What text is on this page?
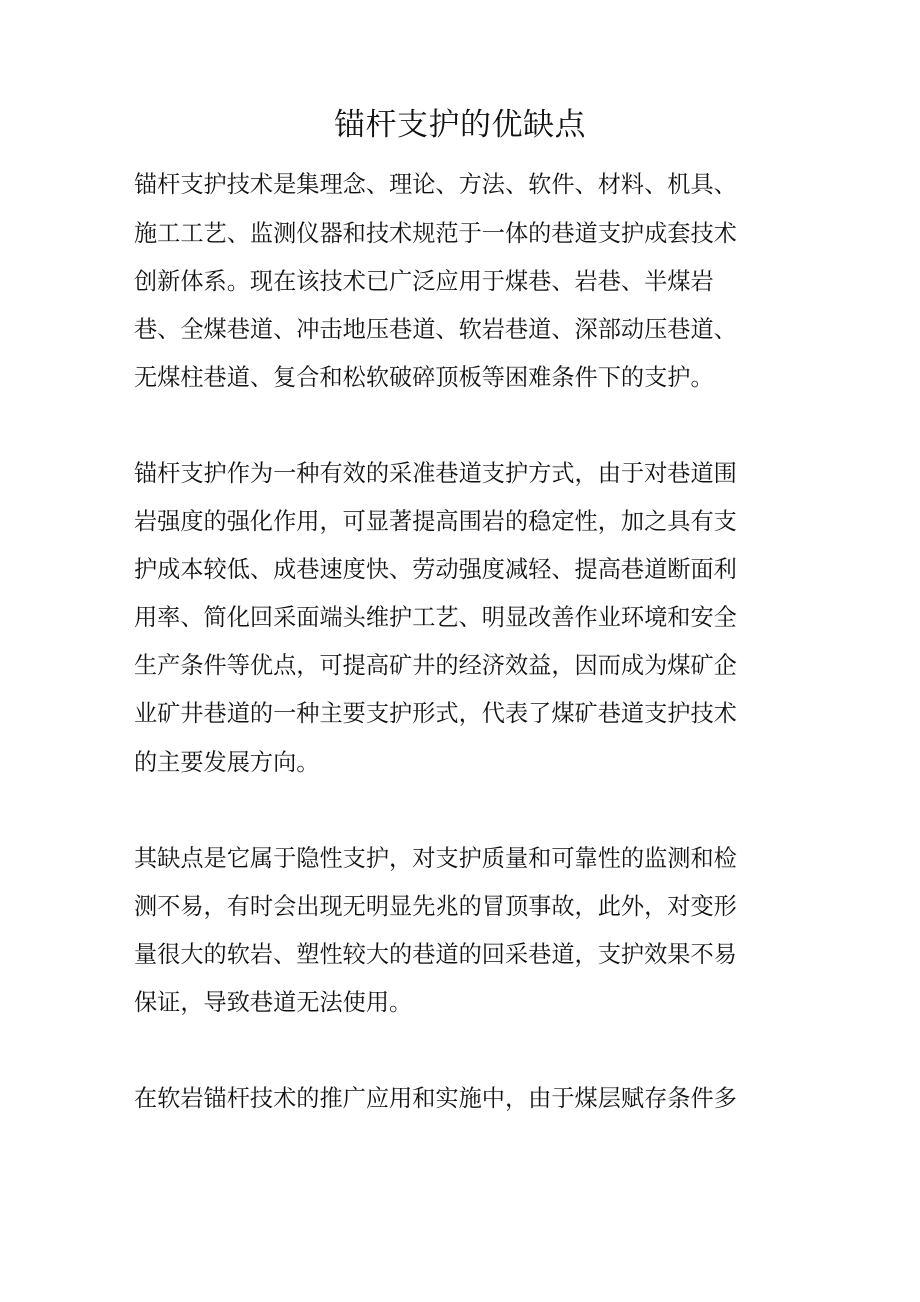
锚杆支护的优缺点

锚杆支护技术是集理念、理论、方法、软件、材料、机具、

施工工艺、监测仪器和技术规范于一体的巷道支护成套技术

创新体系。现在该技术已广泛应用于煤巷、岩巷、半煤岩

巷、全煤巷道、冲击地压巷道、软岩巷道、深部动压巷道、

无煤柱巷道、复合和松软破碎顶板等困难条件下的支护。

锚杆支护作为一种有效的采准巷道支护方式，由于对巷道围

岩强度的强化作用，可显著提高围岩的稳定性，加之具有支

护成本较低、成巷速度快、劳动强度减轻、提高巷道断面利

用率、简化回采面端头维护工艺、明显改善作业环境和安全

生产条件等优点，可提高矿井的经济效益，因而成为煤矿企

业矿井巷道的一种主要支护形式，代表了煤矿巷道支护技术

的主要发展方向。

其缺点是它属于隐性支护，对支护质量和可靠性的监测和检

测不易，有时会出现无明显先兆的冒顶事故，此外，对变形

量很大的软岩、塑性较大的巷道的回采巷道，支护效果不易

保证，导致巷道无法使用。

在软岩锚杆技术的推广应用和实施中，由于煤层赋存条件多
